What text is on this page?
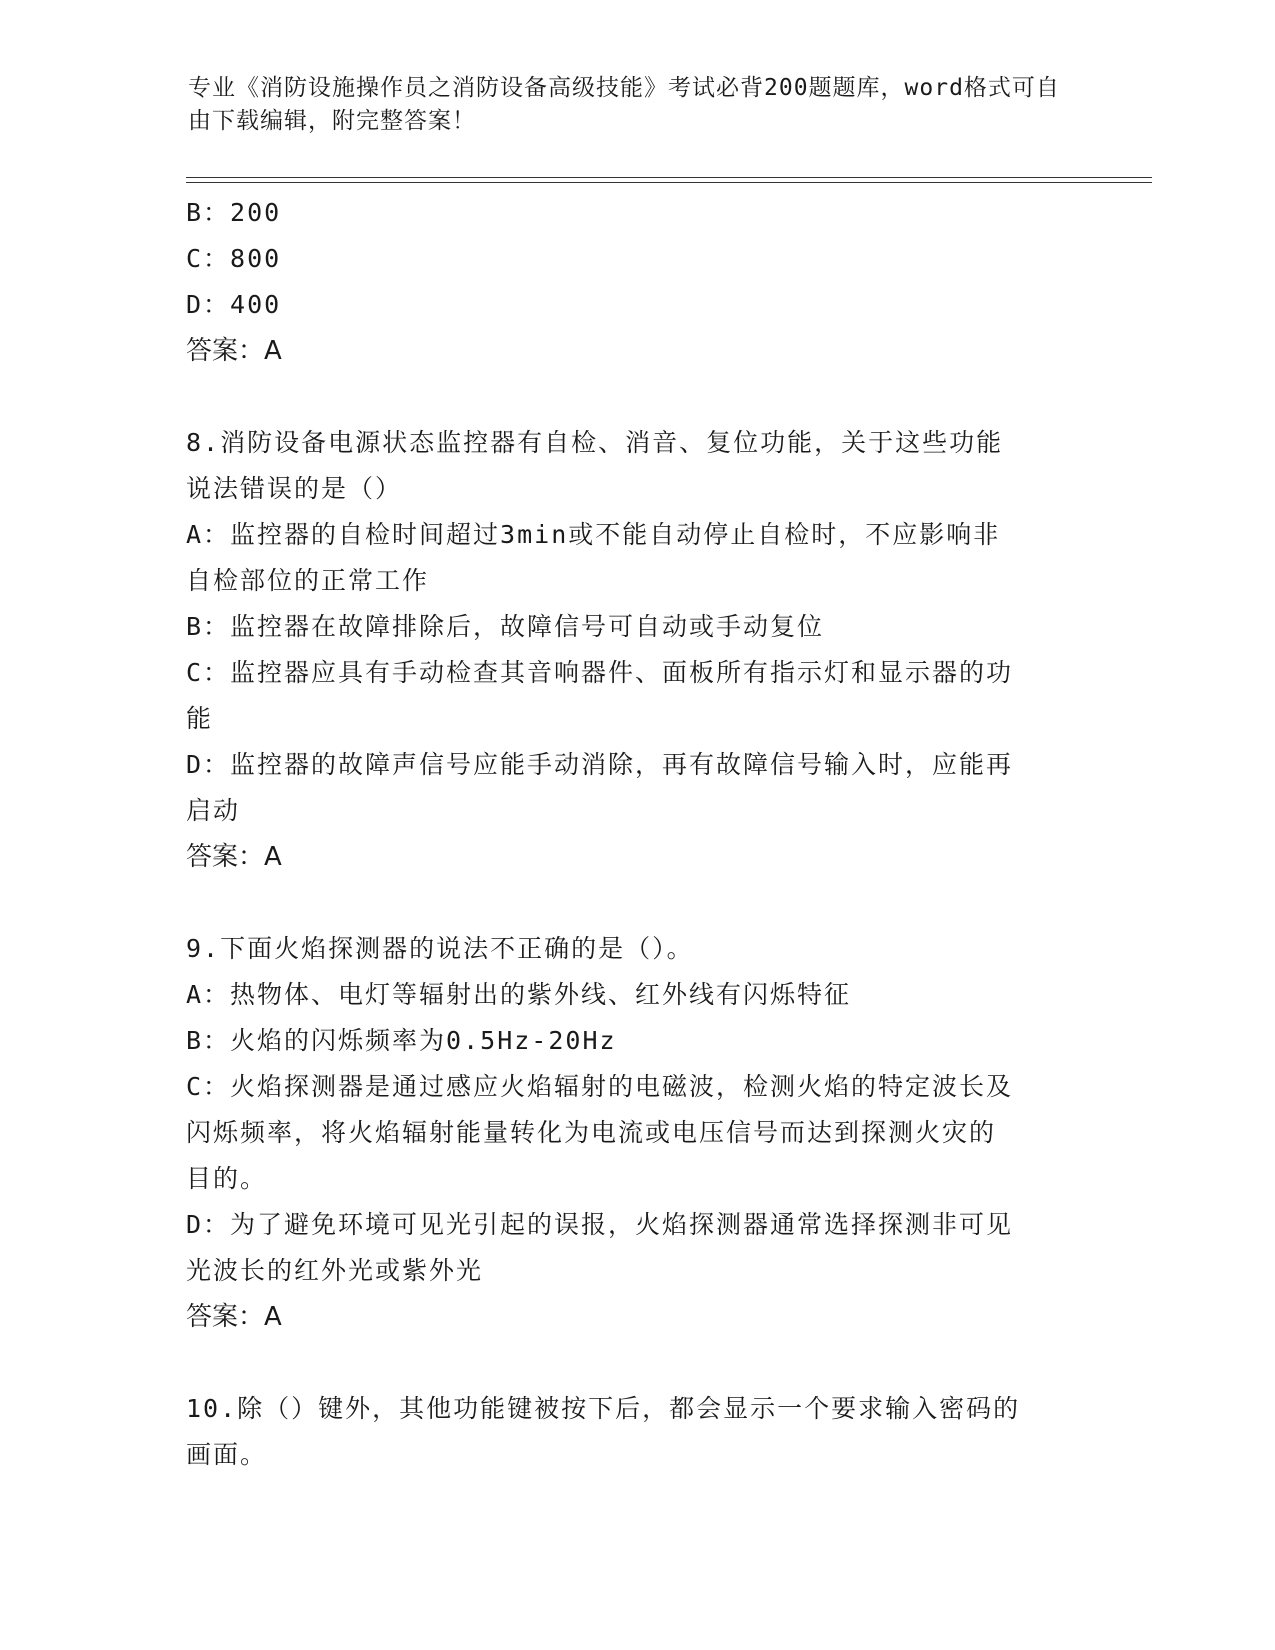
专业《消防设施操作员之消防设备高级技能》考试必背200题题库，word格式可自由下载编辑，附完整答案！
B：200
C：800
D：400
答案：A
8.消防设备电源状态监控器有自检、消音、复位功能，关于这些功能
说法错误的是（）
A：监控器的自检时间超过3min或不能自动停止自检时，不应影响非
自检部位的正常工作
B：监控器在故障排除后，故障信号可自动或手动复位
C：监控器应具有手动检查其音响器件、面板所有指示灯和显示器的功
能
D：监控器的故障声信号应能手动消除，再有故障信号输入时，应能再
启动
答案：A
9.下面火焰探测器的说法不正确的是（）。
A：热物体、电灯等辐射出的紫外线、红外线有闪烁特征
B：火焰的闪烁频率为0.5Hz-20Hz
C：火焰探测器是通过感应火焰辐射的电磁波，检测火焰的特定波长及
闪烁频率，将火焰辐射能量转化为电流或电压信号而达到探测火灾的
目的。
D：为了避免环境可见光引起的误报，火焰探测器通常选择探测非可见
光波长的红外光或紫外光
答案：A
10.除（）键外，其他功能键被按下后，都会显示一个要求输入密码的
画面。
